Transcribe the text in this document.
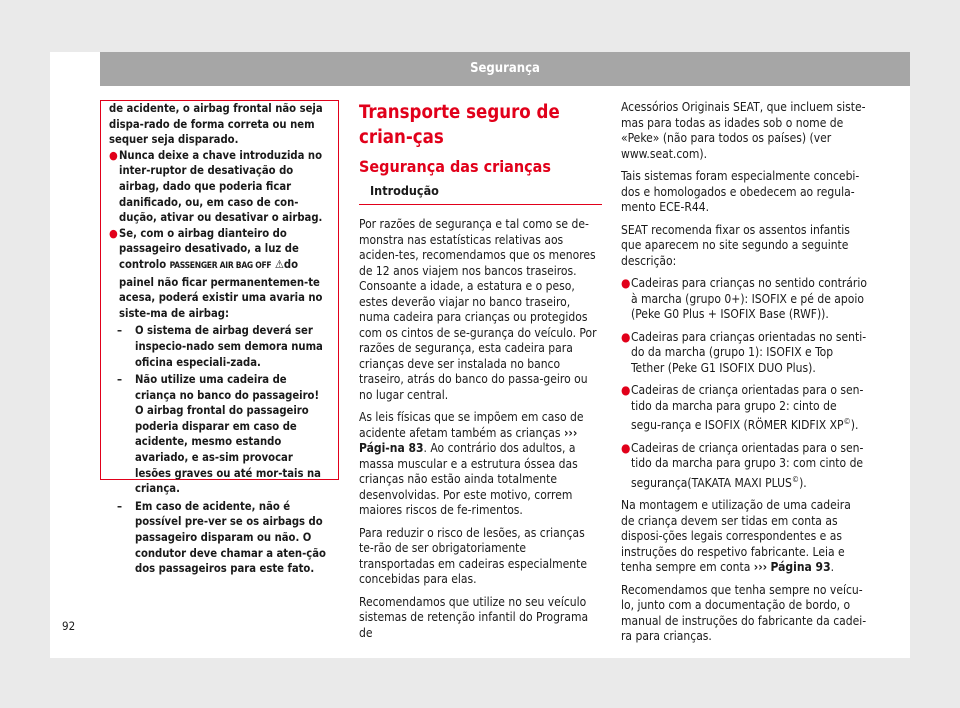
Segurança

de acidente, o airbag frontal não seja dispa-rado de forma correta ou nem sequer seja disparado.

● Nunca deixe a chave introduzida no inter-ruptor de desativação do airbag, dado que poderia ficar danificado, ou, em caso de con-dução, ativar ou desativar o airbag.

● Se, com o airbag dianteiro do passageiro desativado, a luz de controlo PASSENGER AIR BAG OFF ⚠do painel não ficar permanentemen-te acesa, poderá existir uma avaria no siste-ma de airbag:

– O sistema de airbag deverá ser inspecio-nado sem demora numa oficina especiali-zada.

– Não utilize uma cadeira de criança no banco do passageiro! O airbag frontal do passageiro poderia disparar em caso de acidente, mesmo estando avariado, e as-sim provocar lesões graves ou até mor-tais na criança.

– Em caso de acidente, não é possível pre-ver se os airbags do passageiro disparam ou não. O condutor deve chamar a aten-ção dos passageiros para este fato.

Transporte seguro de crian-ças

Segurança das crianças

Introdução

Por razões de segurança e tal como se de-monstra nas estatísticas relativas aos aciden-tes, recomendamos que os menores de 12 anos viajem nos bancos traseiros. Consoante a idade, a estatura e o peso, estes deverão viajar no banco traseiro, numa cadeira para crianças ou protegidos com os cintos de se-gurança do veículo. Por razões de segurança, esta cadeira para crianças deve ser instalada no banco traseiro, atrás do banco do passa-geiro ou no lugar central.

As leis físicas que se impõem em caso de acidente afetam também as crianças ››› Pági-na 83. Ao contrário dos adultos, a massa muscular e a estrutura óssea das crianças não estão ainda totalmente desenvolvidas. Por este motivo, correm maiores riscos de fe-rimentos.

Para reduzir o risco de lesões, as crianças te-rão de ser obrigatoriamente transportadas em cadeiras especialmente concebidas para elas.

Recomendamos que utilize no seu veículo sistemas de retenção infantil do Programa de

Acessórios Originais SEAT, que incluem siste-mas para todas as idades sob o nome de «Peke» (não para todos os países) (ver www.seat.com).

Tais sistemas foram especialmente concebi-dos e homologados e obedecem ao regula-mento ECE-R44.

SEAT recomenda fixar os assentos infantis que aparecem no site segundo a seguinte descrição:

● Cadeiras para crianças no sentido contrário à marcha (grupo 0+): ISOFIX e pé de apoio (Peke G0 Plus + ISOFIX Base (RWF)).

● Cadeiras para crianças orientadas no senti-do da marcha (grupo 1): ISOFIX e Top Tether (Peke G1 ISOFIX DUO Plus).

● Cadeiras de criança orientadas para o sen-tido da marcha para grupo 2: cinto de segu-rança e ISOFIX (RÖMER KIDFIX XP©).

● Cadeiras de criança orientadas para o sen-tido da marcha para grupo 3: com cinto de segurança(TAKATA MAXI PLUS©).

Na montagem e utilização de uma cadeira de criança devem ser tidas em conta as disposi-ções legais correspondentes e as instruções do respetivo fabricante. Leia e tenha sempre em conta ››› Página 93.

Recomendamos que tenha sempre no veícu-lo, junto com a documentação de bordo, o manual de instruções do fabricante da cadei-ra para crianças.

92
